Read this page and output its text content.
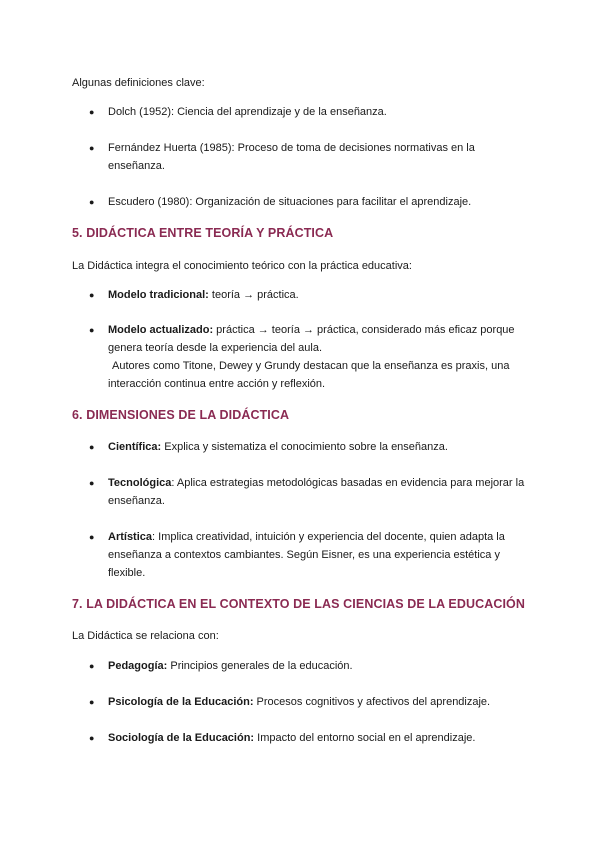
Algunas definiciones clave:

● Dolch (1952): Ciencia del aprendizaje y de la enseñanza.
● Fernández Huerta (1985): Proceso de toma de decisiones normativas en la enseñanza.
● Escudero (1980): Organización de situaciones para facilitar el aprendizaje.
5. DIDÁCTICA ENTRE TEORÍA Y PRÁCTICA

La Didáctica integra el conocimiento teórico con la práctica educativa:

● Modelo tradicional: teoría → práctica.
● Modelo actualizado: práctica → teoría → práctica, considerado más eficaz porque genera teoría desde la experiencia del aula.
Autores como Titone, Dewey y Grundy destacan que la enseñanza es praxis, una interacción continua entre acción y reflexión.
6. DIMENSIONES DE LA DIDÁCTICA
● Científica: Explica y sistematiza el conocimiento sobre la enseñanza.
● Tecnológica: Aplica estrategias metodológicas basadas en evidencia para mejorar la enseñanza.
● Artística: Implica creatividad, intuición y experiencia del docente, quien adapta la enseñanza a contextos cambiantes. Según Eisner, es una experiencia estética y flexible.
7. LA DIDÁCTICA EN EL CONTEXTO DE LAS CIENCIAS DE LA EDUCACIÓN

La Didáctica se relaciona con:

● Pedagogía: Principios generales de la educación.
● Psicología de la Educación: Procesos cognitivos y afectivos del aprendizaje.
● Sociología de la Educación: Impacto del entorno social en el aprendizaje.
